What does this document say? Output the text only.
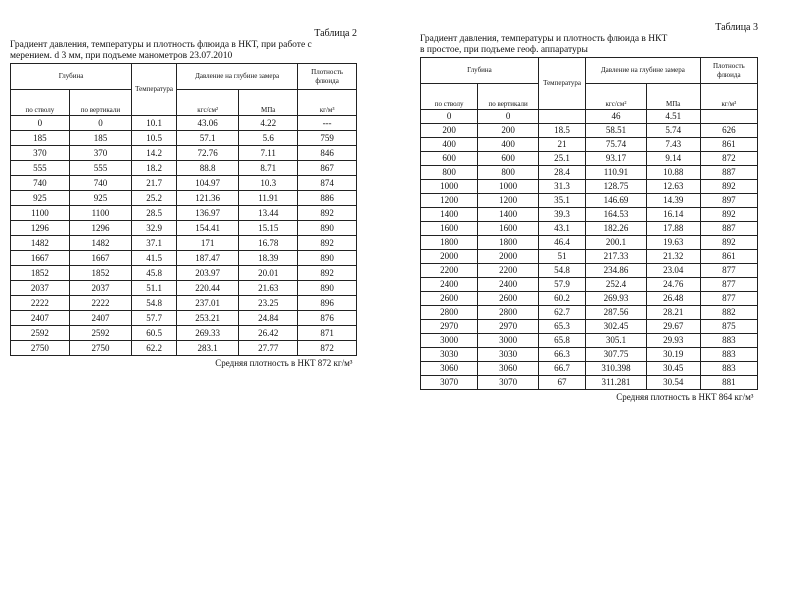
Таблица 2
Градиент давления, температуры и плотность флюида в НКТ, при работе с
мерением. d 3 мм, при подъеме манометров 23.07.2010
Глубина		Температура	Давление на глубине замера		Плотность флюида
по стволу	по вертикали		кгс/см²	МПа	кг/м³
0	0	10.1	43.06	4.22	---
185	185	10.5	57.1	5.6	759
370	370	14.2	72.76	7.11	846
555	555	18.2	88.8	8.71	867
740	740	21.7	104.97	10.3	874
925	925	25.2	121.36	11.91	886
1100	1100	28.5	136.97	13.44	892
1296	1296	32.9	154.41	15.15	890
1482	1482	37.1	171	16.78	892
1667	1667	41.5	187.47	18.39	890
1852	1852	45.8	203.97	20.01	892
2037	2037	51.1	220.44	21.63	890
2222	2222	54.8	237.01	23.25	896
2407	2407	57.7	253.21	24.84	876
2592	2592	60.5	269.33	26.42	871
2750	2750	62.2	283.1	27.77	872
Средняя плотность в НКТ 872 кг/м³					
Таблица 3
Градиент давления, температуры и плотность флюида в НКТ
в простое, при подъеме геоф. аппаратуры
Глубина		Температура	Давление на глубине замера		Плотность флюида
по стволу	по вертикали		кгс/см²	МПа	кг/м³
0	0		46	4.51	
200	200	18.5	58.51	5.74	626
400	400	21	75.74	7.43	861
600	600	25.1	93.17	9.14	872
800	800	28.4	110.91	10.88	887
1000	1000	31.3	128.75	12.63	892
1200	1200	35.1	146.69	14.39	897
1400	1400	39.3	164.53	16.14	892
1600	1600	43.1	182.26	17.88	887
1800	1800	46.4	200.1	19.63	892
2000	2000	51	217.33	21.32	861
2200	2200	54.8	234.86	23.04	877
2400	2400	57.9	252.4	24.76	877
2600	2600	60.2	269.93	26.48	877
2800	2800	62.7	287.56	28.21	882
2970	2970	65.3	302.45	29.67	875
3000	3000	65.8	305.1	29.93	883
3030	3030	66.3	307.75	30.19	883
3060	3060	66.7	310.398	30.45	883
3070	3070	67	311.281	30.54	881
Средняя плотность в НКТ 864 кг/м³					
